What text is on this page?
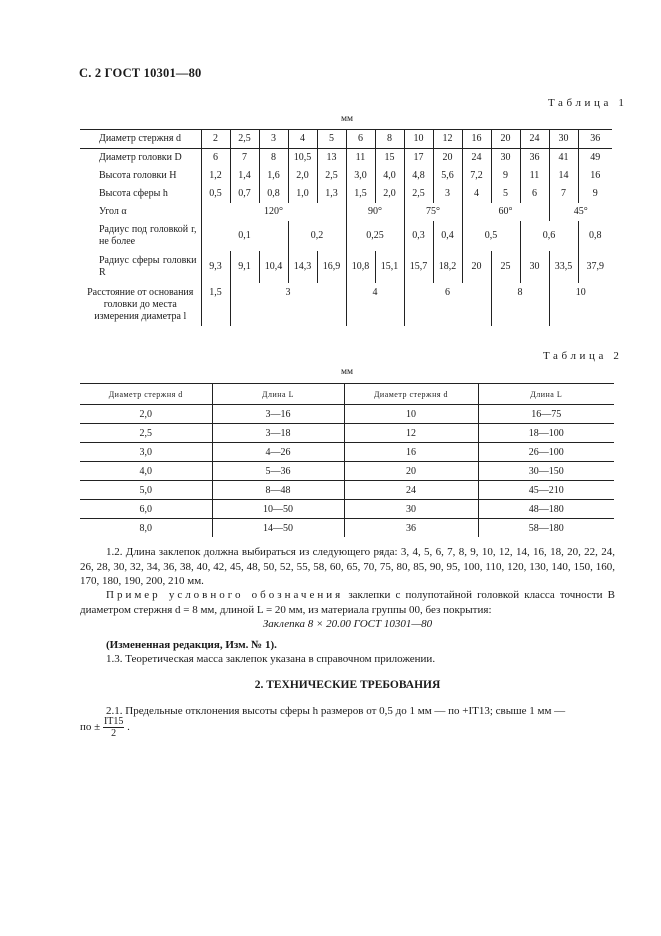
С. 2 ГОСТ 10301—80
Таблица 1
мм
Диаметр стержня d	2	2,5	3	4	5	6	8	10	12	16	20	24	30	36
Диаметр головки D	6	7	8	10,5	13	11	15	17	20	24	30	36	41	49
Высота головки H	1,2	1,4	1,6	2,0	2,5	3,0	4,0	4,8	5,6	7,2	9	11	14	16
Высота сферы h	0,5	0,7	0,8	1,0	1,3	1,5	2,0	2,5	3	4	5	6	7	9
Угол α	120°					90°		75°		60°			45°	
Радиус под головкой r, не более	0,1			0,2		0,25		0,3	0,4	0,5		0,6		0,8
Радиус сферы головки R	9,3	9,1	10,4	14,3	16,9	10,8	15,1	15,7	18,2	20	25	30	33,5	37,9
Расстояние от основания головки до места измерения диаметра l	1,5	3				4		6			8		10	
Таблица 2
мм
Диаметр стержня d	Длина L	Диаметр стержня d	Длина L
2,0	3—16	10	16—75
2,5	3—18	12	18—100
3,0	4—26	16	26—100
4,0	5—36	20	30—150
5,0	8—48	24	45—210
6,0	10—50	30	48—180
8,0	14—50	36	58—180
1.2. Длина заклепок должна выбираться из следующего ряда: 3, 4, 5, 6, 7, 8, 9, 10, 12, 14, 16, 18, 20, 22, 24, 26, 28, 30, 32, 34, 36, 38, 40, 42, 45, 48, 50, 52, 55, 58, 60, 65, 70, 75, 80, 85, 90, 95, 100, 110, 120, 130, 140, 150, 160, 170, 180, 190, 200, 210 мм.
Пример условного обозначения заклепки с полупотайной головкой класса точности В диаметром стержня d = 8 мм, длиной L = 20 мм, из материала группы 00, без покрытия:
Заклепка 8 × 20.00 ГОСТ 10301—80
(Измененная редакция, Изм. № 1).
1.3. Теоретическая масса заклепок указана в справочном приложении.
2. ТЕХНИЧЕСКИЕ ТРЕБОВАНИЯ
2.1. Предельные отклонения высоты сферы h размеров от 0,5 до 1 мм — по +IT13; свыше 1 мм —
по ± $\frac{IT15}{2}$ .
